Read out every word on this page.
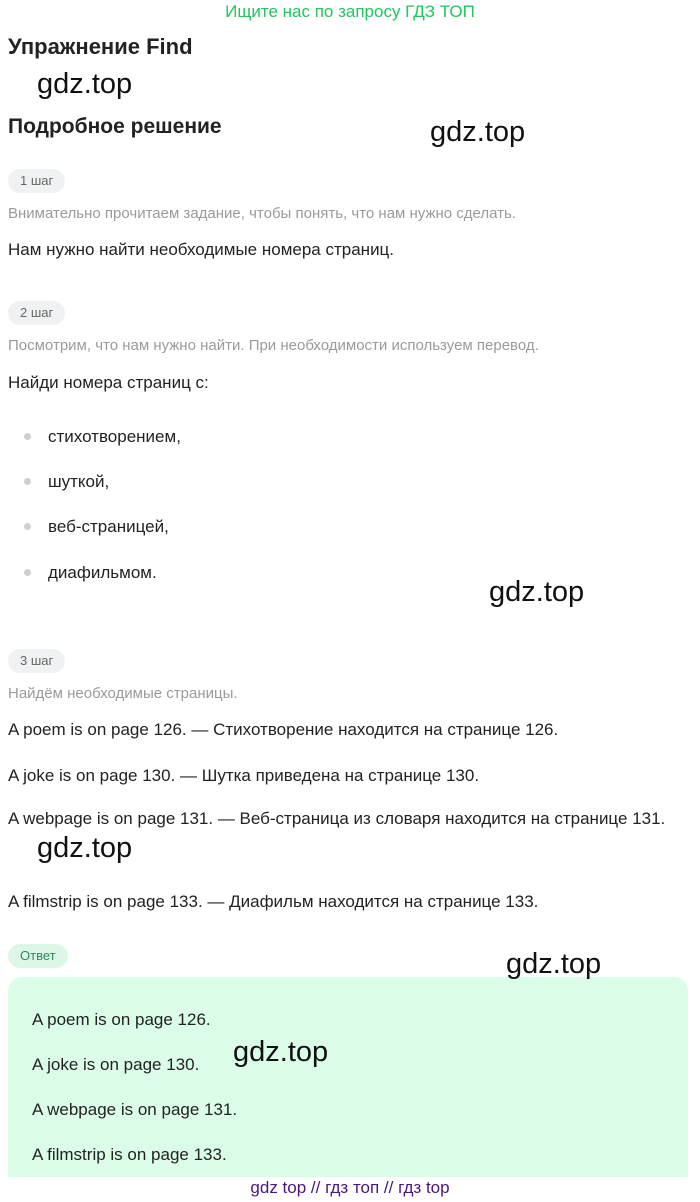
Ищите нас по запросу ГДЗ ТОП
Упражнение Find
gdz.top
Подробное решение	gdz.top
1 шаг
Внимательно прочитаем задание, чтобы понять, что нам нужно сделать.
Нам нужно найти необходимые номера страниц.
2 шаг
Посмотрим, что нам нужно найти. При необходимости используем перевод.
Найди номера страниц с:
стихотворением,
шуткой,
веб-страницей,
диафильмом.
gdz.top
3 шаг
Найдём необходимые страницы.
A poem is on page 126. — Стихотворение находится на странице 126.
A joke is on page 130. — Шутка приведена на странице 130.
A webpage is on page 131. — Веб-страница из словаря находится на странице 131.
gdz.top
A filmstrip is on page 133. — Диафильм находится на странице 133.
Ответ	gdz.top
A poem is on page 126.
A joke is on page 130. gdz.top
A webpage is on page 131.
A filmstrip is on page 133.
gdz top // гдз топ // гдз top
